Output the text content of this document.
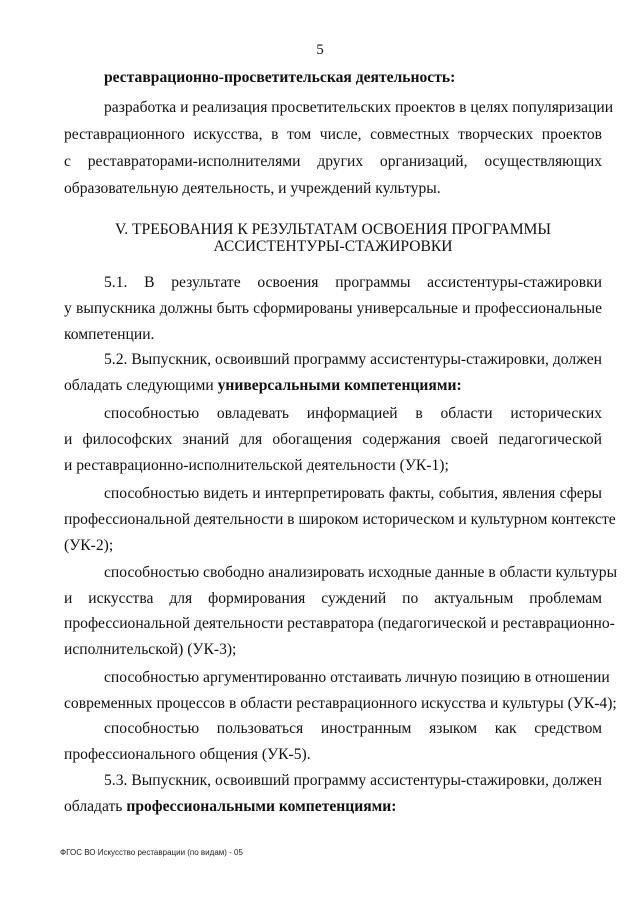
5
реставрационно-просветительская деятельность:
разработка и реализация просветительских проектов в целях популяризации
реставрационного искусства, в том числе, совместных творческих проектов
с реставраторами-исполнителями других организаций, осуществляющих
образовательную деятельность, и учреждений культуры.
V. ТРЕБОВАНИЯ К РЕЗУЛЬТАТАМ ОСВОЕНИЯ ПРОГРАММЫ
АССИСТЕНТУРЫ-СТАЖИРОВКИ
5.1. В результате освоения программы ассистентуры-стажировки
у выпускника должны быть сформированы универсальные и профессиональные
компетенции.
5.2. Выпускник, освоивший программу ассистентуры-стажировки, должен
обладать следующими универсальными компетенциями:
способностью овладевать информацией в области исторических
и философских знаний для обогащения содержания своей педагогической
и реставрационно-исполнительской деятельности (УК-1);
способностью видеть и интерпретировать факты, события, явления сферы
профессиональной деятельности в широком историческом и культурном контексте
(УК-2);
способностью свободно анализировать исходные данные в области культуры
и искусства для формирования суждений по актуальным проблемам
профессиональной деятельности реставратора (педагогической и реставрационно-
исполнительской) (УК-3);
способностью аргументированно отстаивать личную позицию в отношении
современных процессов в области реставрационного искусства и культуры (УК-4);
способностью пользоваться иностранным языком как средством
профессионального общения (УК-5).
5.3. Выпускник, освоивший программу ассистентуры-стажировки, должен
обладать профессиональными компетенциями:
ФГОС ВО Искусство реставрации (по видам) - 05
